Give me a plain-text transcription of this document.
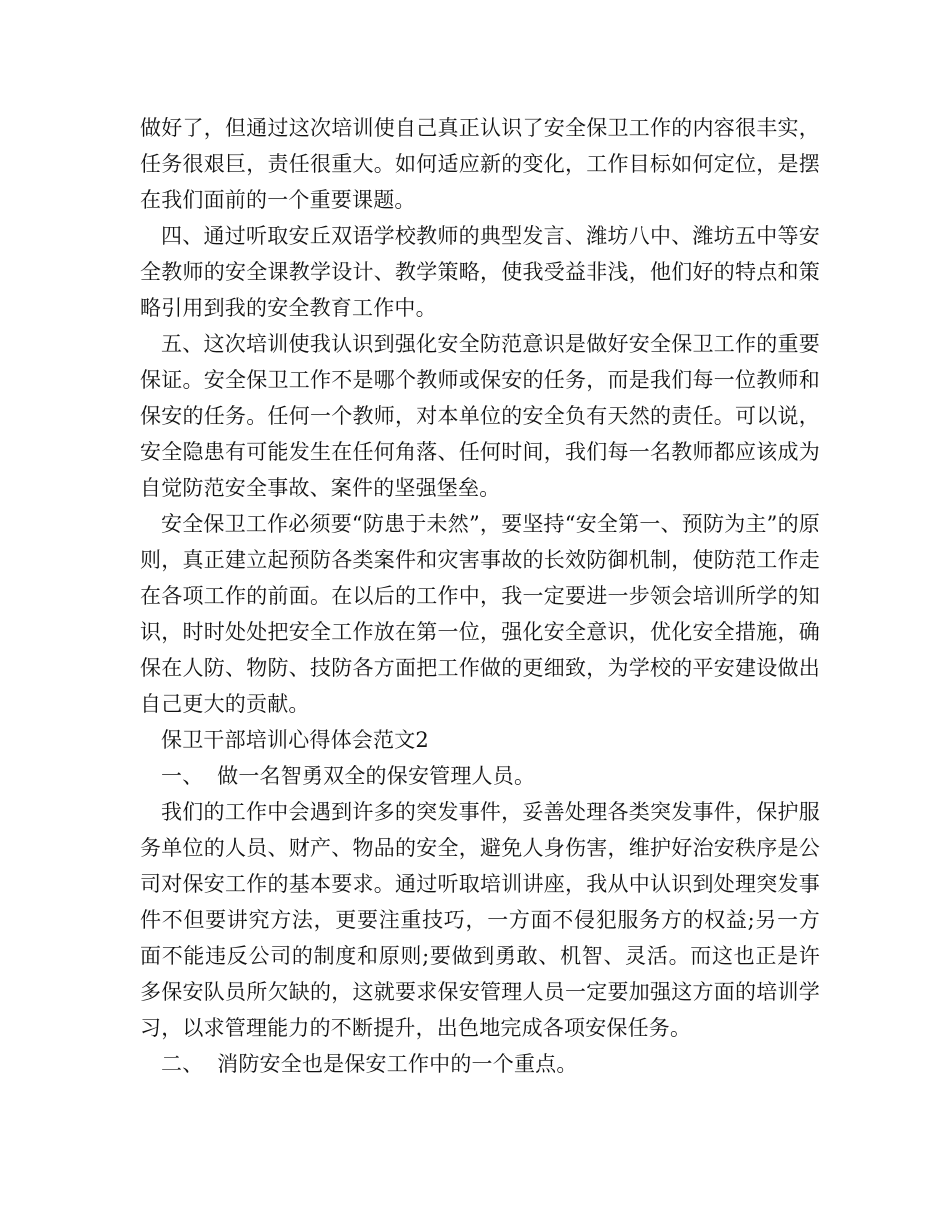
做好了，但通过这次培训使自己真正认识了安全保卫工作的内容很丰实，任务很艰巨，责任很重大。如何适应新的变化，工作目标如何定位，是摆在我们面前的一个重要课题。

四、通过听取安丘双语学校教师的典型发言、潍坊八中、潍坊五中等安全教师的安全课教学设计、教学策略，使我受益非浅，他们好的特点和策略引用到我的安全教育工作中。

五、这次培训使我认识到强化安全防范意识是做好安全保卫工作的重要保证。安全保卫工作不是哪个教师或保安的任务，而是我们每一位教师和保安的任务。任何一个教师，对本单位的安全负有天然的责任。可以说，安全隐患有可能发生在任何角落、任何时间，我们每一名教师都应该成为自觉防范安全事故、案件的坚强堡垒。

安全保卫工作必须要“防患于未然”，要坚持“安全第一、预防为主”的原则，真正建立起预防各类案件和灾害事故的长效防御机制，使防范工作走在各项工作的前面。在以后的工作中，我一定要进一步领会培训所学的知识，时时处处把安全工作放在第一位，强化安全意识，优化安全措施，确保在人防、物防、技防各方面把工作做的更细致，为学校的平安建设做出自己更大的贡献。

保卫干部培训心得体会范文2

一、  做一名智勇双全的保安管理人员。

我们的工作中会遇到许多的突发事件，妥善处理各类突发事件，保护服务单位的人员、财产、物品的安全，避免人身伤害，维护好治安秩序是公司对保安工作的基本要求。通过听取培训讲座，我从中认识到处理突发事件不但要讲究方法，更要注重技巧，一方面不侵犯服务方的权益;另一方面不能违反公司的制度和原则;要做到勇敢、机智、灵活。而这也正是许多保安队员所欠缺的，这就要求保安管理人员一定要加强这方面的培训学习，以求管理能力的不断提升，出色地完成各项安保任务。

二、  消防安全也是保安工作中的一个重点。
